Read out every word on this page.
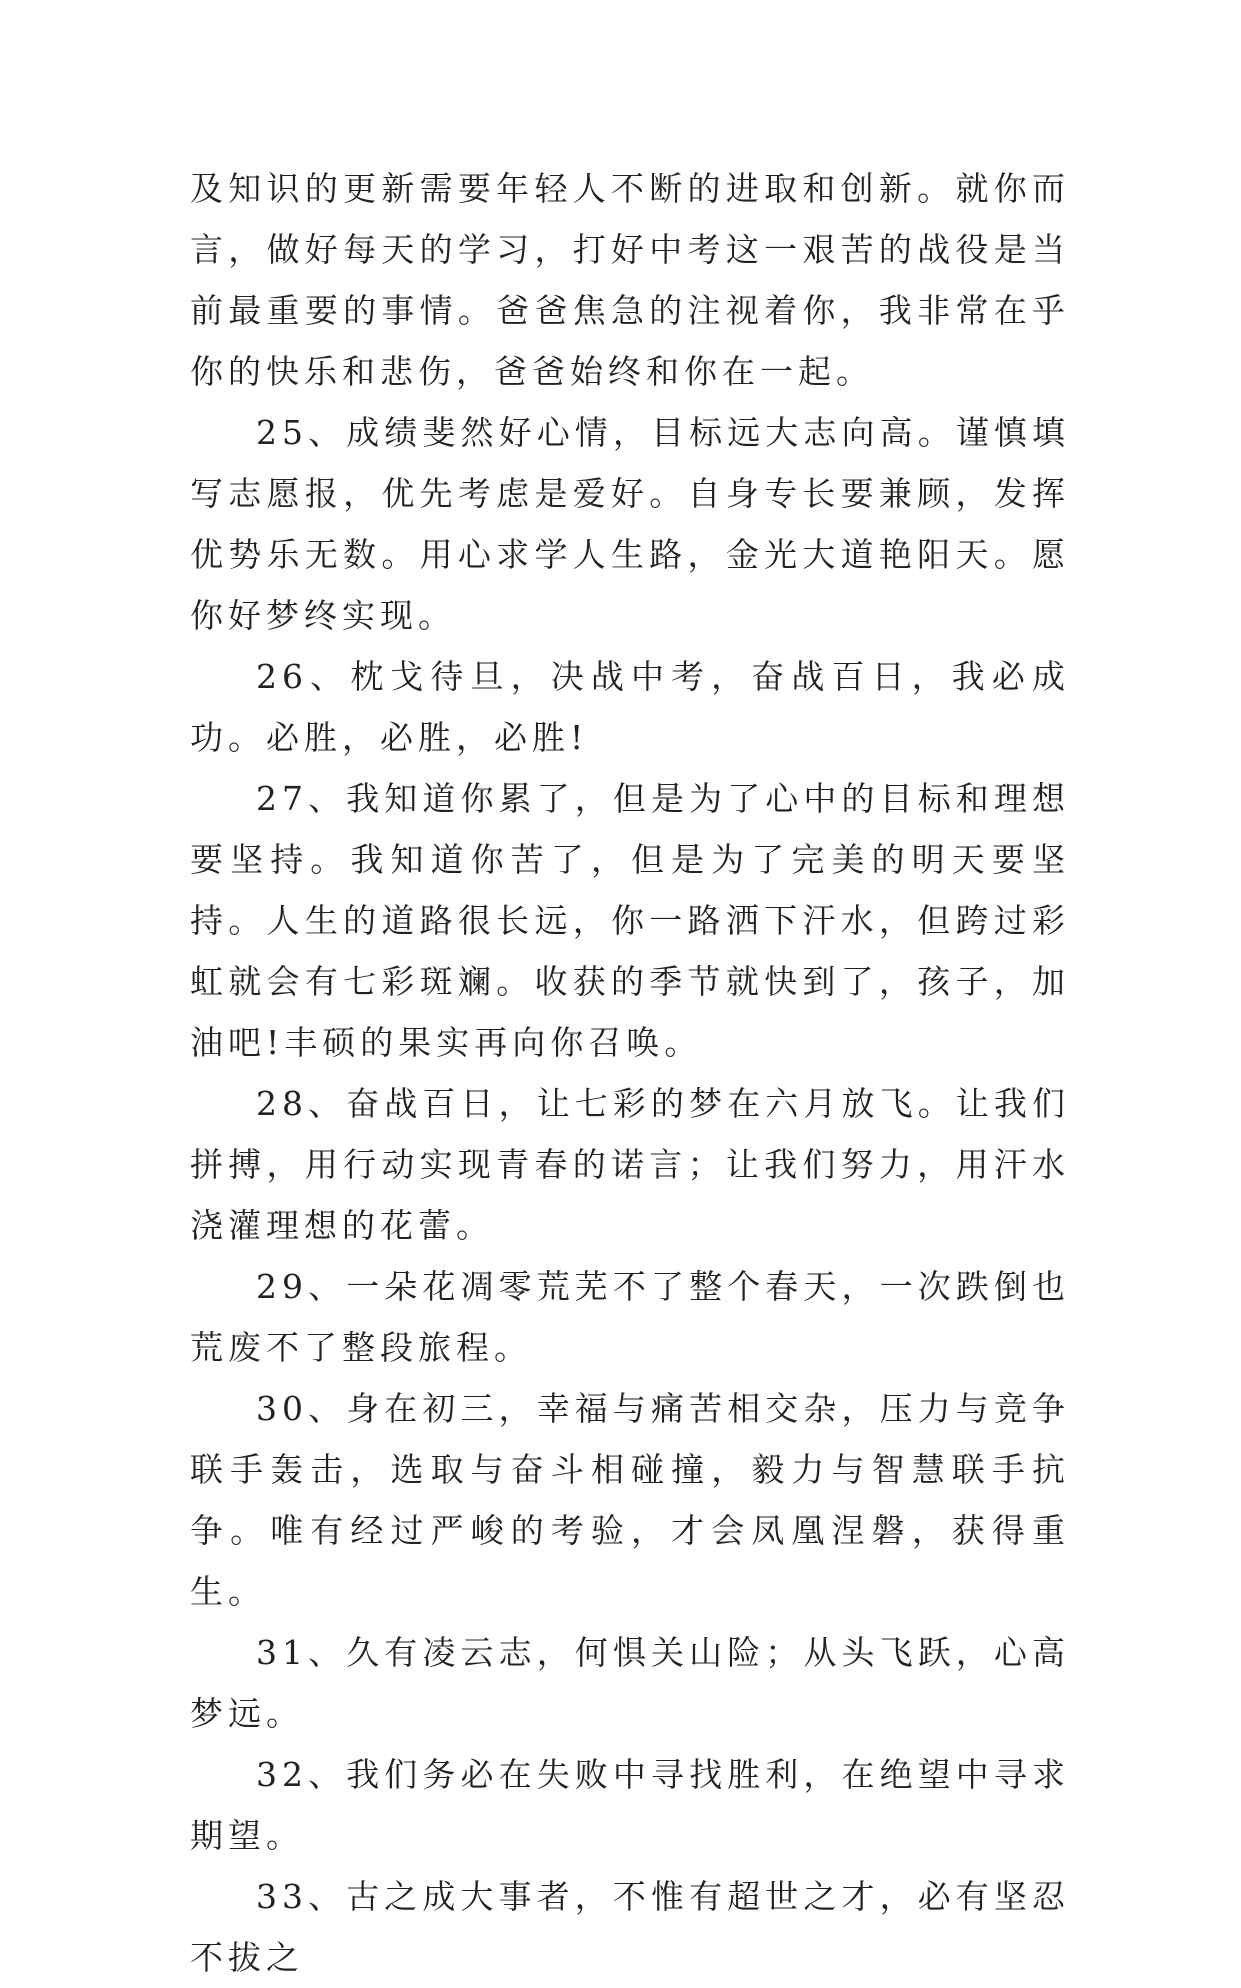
及知识的更新需要年轻人不断的进取和创新。就你而言，做好每天的学习，打好中考这一艰苦的战役是当前最重要的事情。爸爸焦急的注视着你，我非常在乎你的快乐和悲伤，爸爸始终和你在一起。

25、成绩斐然好心情，目标远大志向高。谨慎填写志愿报，优先考虑是爱好。自身专长要兼顾，发挥优势乐无数。用心求学人生路，金光大道艳阳天。愿你好梦终实现。

26、枕戈待旦，决战中考，奋战百日，我必成功。必胜，必胜，必胜!

27、我知道你累了，但是为了心中的目标和理想要坚持。我知道你苦了，但是为了完美的明天要坚持。人生的道路很长远，你一路洒下汗水，但跨过彩虹就会有七彩斑斓。收获的季节就快到了，孩子，加油吧!丰硕的果实再向你召唤。

28、奋战百日，让七彩的梦在六月放飞。让我们拼搏，用行动实现青春的诺言；让我们努力，用汗水浇灌理想的花蕾。

29、一朵花凋零荒芜不了整个春天，一次跌倒也荒废不了整段旅程。

30、身在初三，幸福与痛苦相交杂，压力与竞争联手轰击，选取与奋斗相碰撞，毅力与智慧联手抗争。唯有经过严峻的考验，才会凤凰涅磐，获得重生。

31、久有凌云志，何惧关山险；从头飞跃，心高梦远。

32、我们务必在失败中寻找胜利，在绝望中寻求期望。

33、古之成大事者，不惟有超世之才，必有坚忍不拔之
